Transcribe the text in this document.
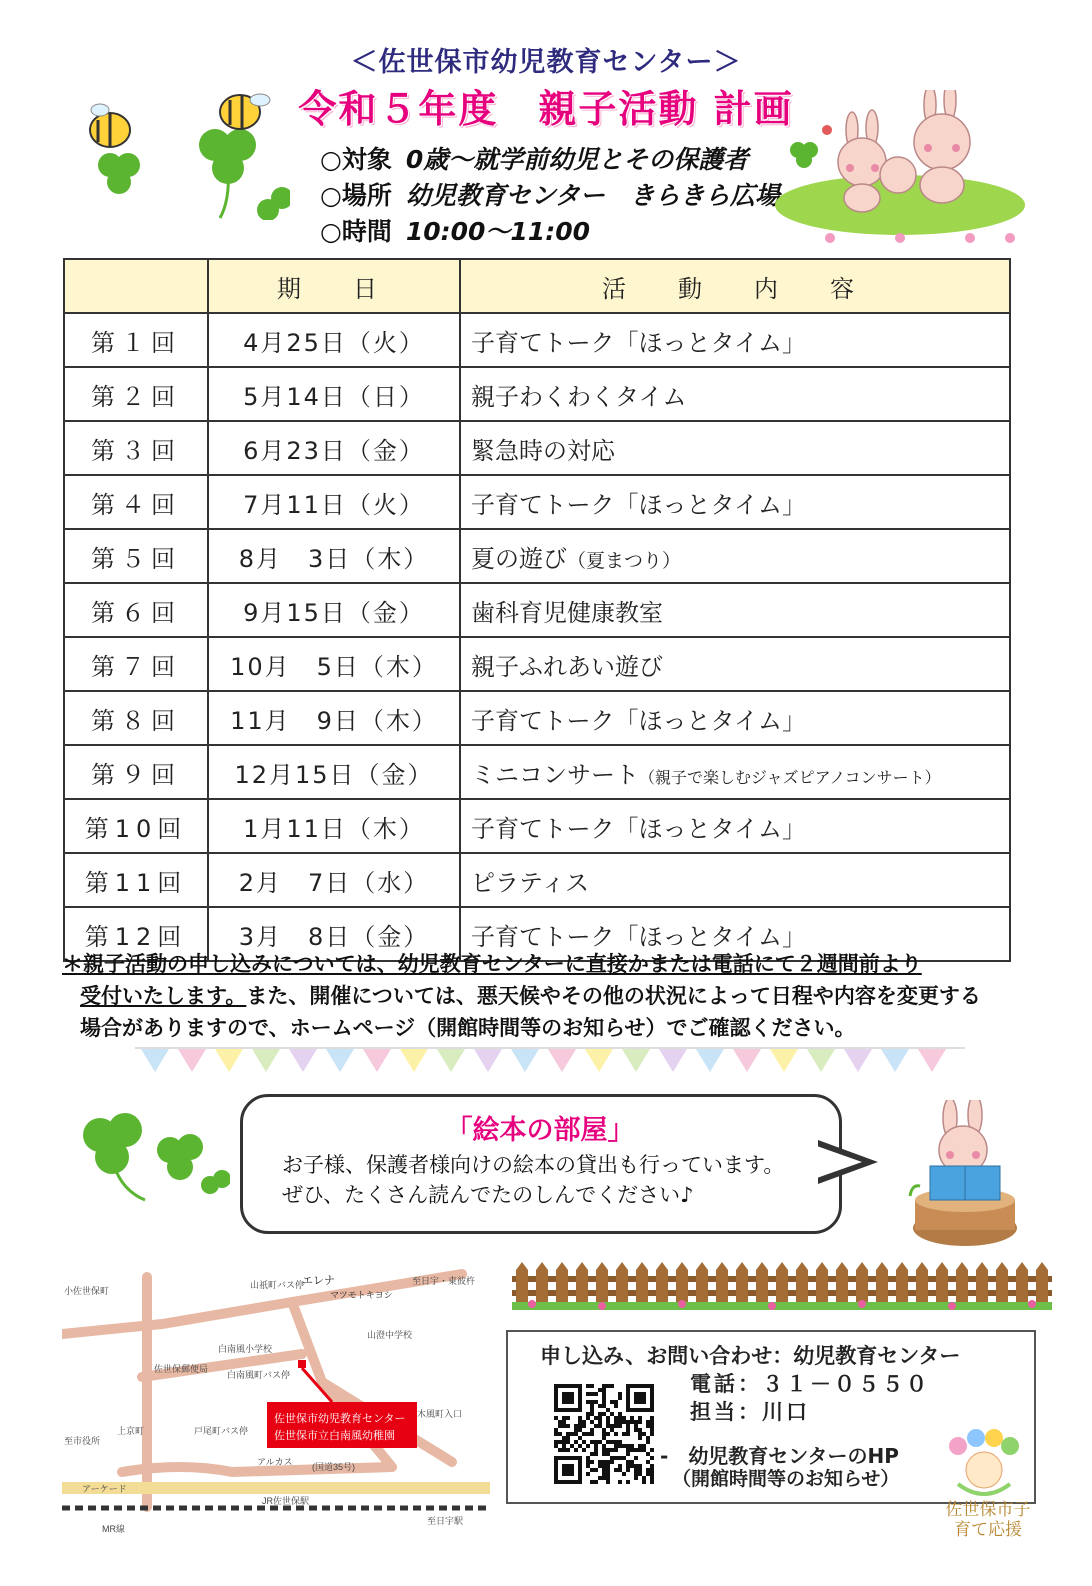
＜佐世保市幼児教育センター＞
令和５年度　親子活動 計画
○対象 0歳～就学前幼児とその保護者
○場所 幼児教育センター　きらきら広場
○時間 10:00～11:00
	期　日	活　動　内　容
第１回	4月25日（火）	子育てトーク「ほっとタイム」
第２回	5月14日（日）	親子わくわくタイム
第３回	6月23日（金）	緊急時の対応
第４回	7月11日（火）	子育てトーク「ほっとタイム」
第５回	8月　3日（木）	夏の遊び（夏まつり）
第６回	9月15日（金）	歯科育児健康教室
第７回	10月　5日（木）	親子ふれあい遊び
第８回	11月　9日（木）	子育てトーク「ほっとタイム」
第９回	12月15日（金）	ミニコンサート（親子で楽しむジャズピアノコンサート）
第10回	1月11日（木）	子育てトーク「ほっとタイム」
第11回	2月　7日（水）	ピラティス
第12回	3月　8日（金）	子育てトーク「ほっとタイム」
＊親子活動の申し込みについては、幼児教育センターに直接かまたは電話にて２週間前より
受付いたします。また、開催については、悪天候やその他の状況によって日程や内容を変更する
場合がありますので、ホームページ（開館時間等のお知らせ）でご確認ください。
「絵本の部屋」
お子様、保護者様向けの絵本の貸出も行っています。
ぜひ、たくさん読んでたのしんでください♪
小佐世保町
山祇町バス停
エレナ
マツモトキヨシ
至日宇・東彼杵
山澄中学校
白南風小学校
白南風町バス停
佐世保郵便局
上京町
至市役所
戸尾町バス停
佐世保市幼児教育センター
佐世保市立白南風幼稚園
アーケード
アルカス (国道35号)
JR佐世保駅
MR線
至日宇駅
木風町入口
申し込み、お問い合わせ：幼児教育センター
電話：３１－０５５０
担当：川口
-　幼児教育センターのHP
（開館時間等のお知らせ）
佐世保市子育て応援
